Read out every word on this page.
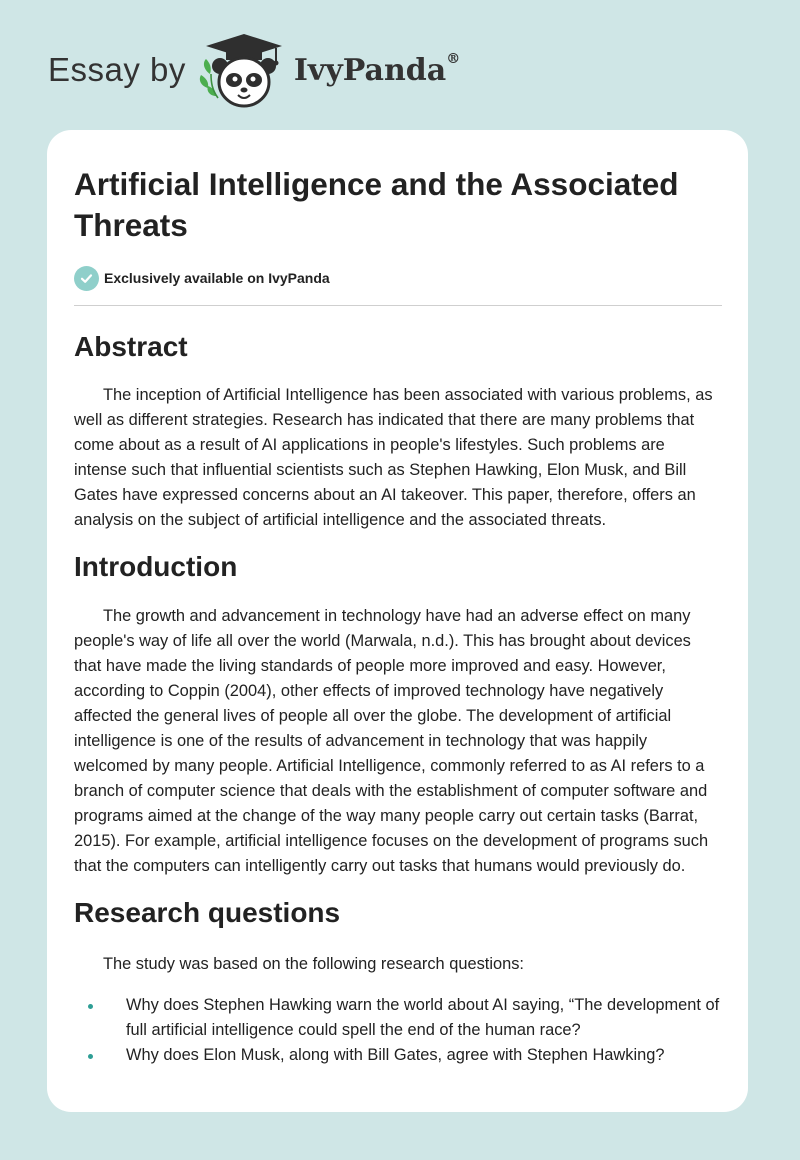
Essay by	IvyPanda®
Artificial Intelligence and the Associated Threats
Exclusively available on IvyPanda
Abstract

The inception of Artificial Intelligence has been associated with various problems, as well as different strategies. Research has indicated that there are many problems that come about as a result of AI applications in people's lifestyles. Such problems are intense such that influential scientists such as Stephen Hawking, Elon Musk, and Bill Gates have expressed concerns about an AI takeover. This paper, therefore, offers an analysis on the subject of artificial intelligence and the associated threats.

Introduction

The growth and advancement in technology have had an adverse effect on many people's way of life all over the world (Marwala, n.d.). This has brought about devices that have made the living standards of people more improved and easy. However, according to Coppin (2004), other effects of improved technology have negatively affected the general lives of people all over the globe. The development of artificial intelligence is one of the results of advancement in technology that was happily welcomed by many people. Artificial Intelligence, commonly referred to as AI refers to a branch of computer science that deals with the establishment of computer software and programs aimed at the change of the way many people carry out certain tasks (Barrat, 2015). For example, artificial intelligence focuses on the development of programs such that the computers can intelligently carry out tasks that humans would previously do.

Research questions

The study was based on the following research questions:

Why does Stephen Hawking warn the world about AI saying, “The development of full artificial intelligence could spell the end of the human race?
Why does Elon Musk, along with Bill Gates, agree with Stephen Hawking?
